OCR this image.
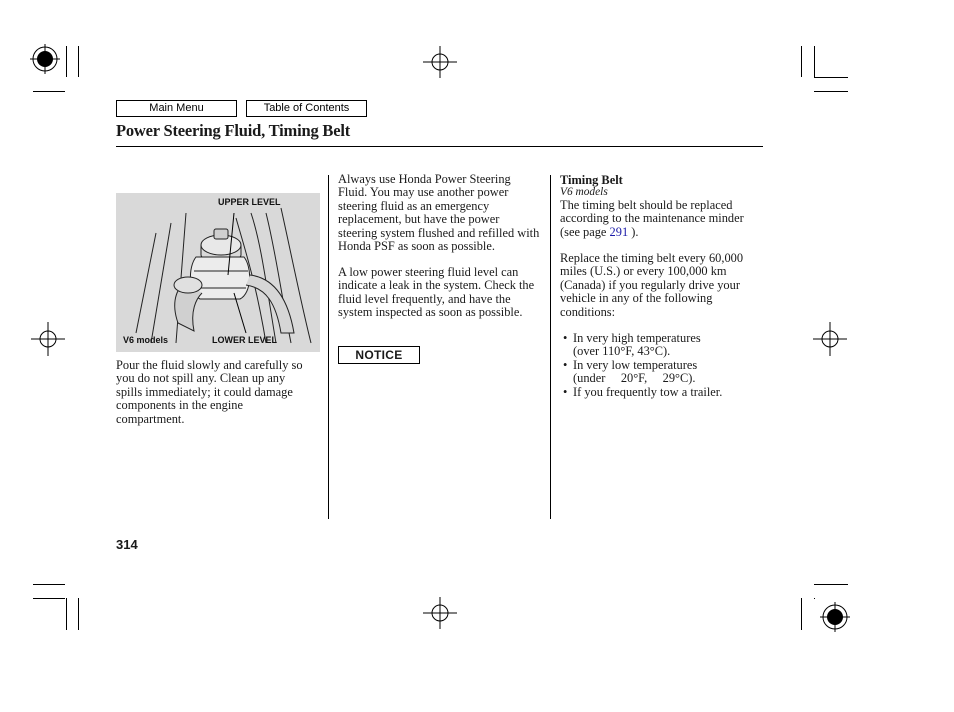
Main Menu	Table of Contents
Power Steering Fluid, Timing Belt
UPPER LEVEL
V6 models	LOWER LEVEL

Pour the fluid slowly and carefully so you do not spill any. Clean up any spills immediately; it could damage components in the engine compartment.

Always use Honda Power Steering Fluid. You may use another power steering fluid as an emergency replacement, but have the power steering system flushed and refilled with Honda PSF as soon as possible.

A low power steering fluid level can indicate a leak in the system. Check the fluid level frequently, and have the system inspected as soon as possible.

NOTICE
Timing Belt
V6 models

The timing belt should be replaced according to the maintenance minder (see page 291 ).

Replace the timing belt every 60,000 miles (U.S.) or every 100,000 km (Canada) if you regularly drive your vehicle in any of the following conditions:

• In very high temperatures
(over 110°F, 43°C).
• In very low temperatures
(under     20°F,     29°C).
• If you frequently tow a trailer.
314
